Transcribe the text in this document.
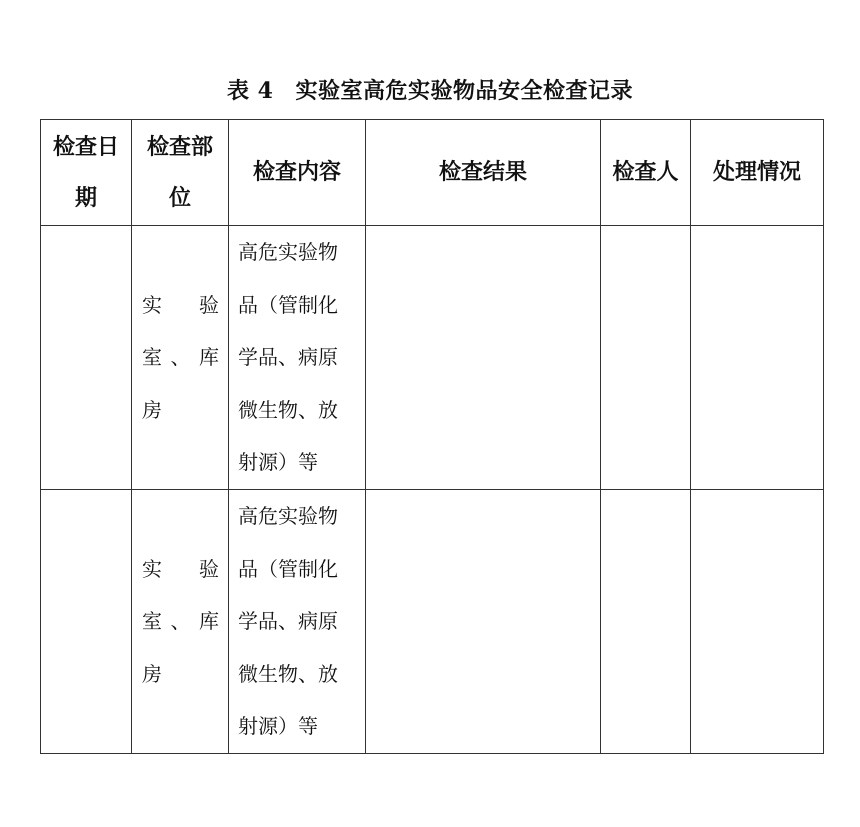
表 4 实验室高危实验物品安全检查记录
检查日期	检查部位	检查内容	检查结果	检查人	处理情况

	实验室、库房	高危实验物品（管制化学品、病原微生物、放射源）等			

	实验室、库房	高危实验物品（管制化学品、病原微生物、放射源）等			
